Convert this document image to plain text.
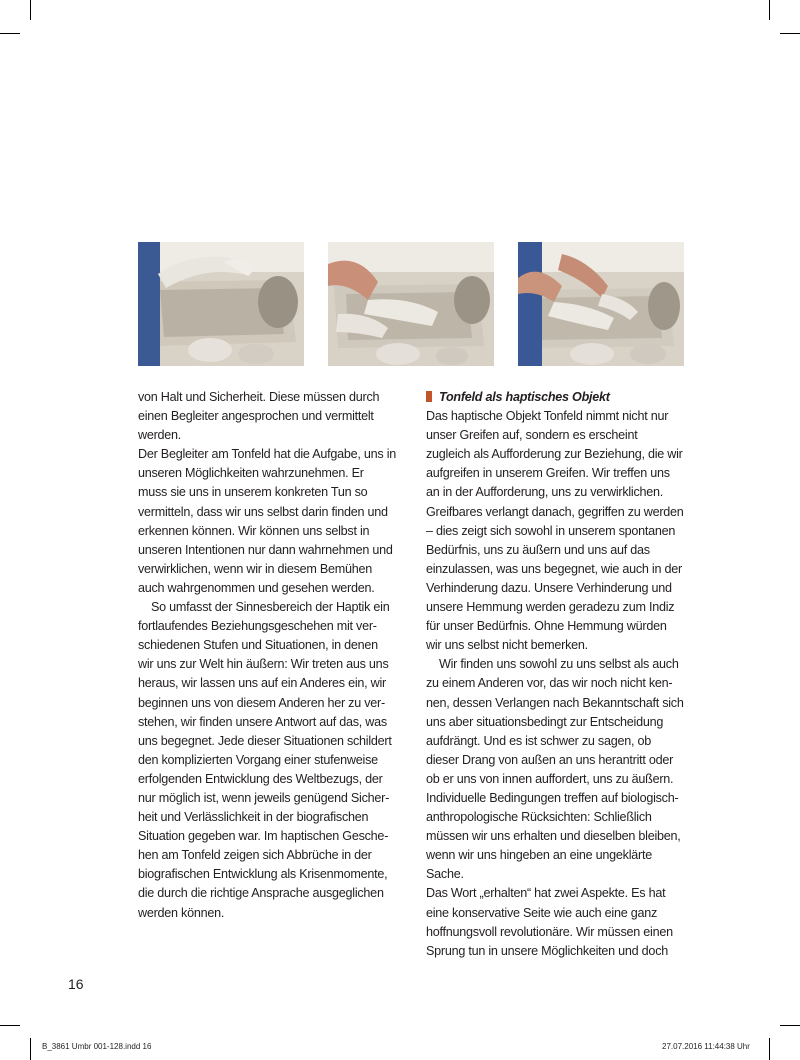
von Halt und Sicherheit. Diese müssen durch einen Begleiter angesprochen und vermittelt werden.

Der Begleiter am Tonfeld hat die Aufgabe, uns in unseren Möglichkeiten wahrzunehmen. Er muss sie uns in unserem konkreten Tun so vermitteln, dass wir uns selbst darin finden und erkennen können. Wir können uns selbst in unseren Intentionen nur dann wahrnehmen und verwirklichen, wenn wir in diesem Bemühen auch wahrgenommen und gesehen werden.

So umfasst der Sinnesbereich der Haptik ein fortlaufendes Beziehungsgeschehen mit verschiedenen Stufen und Situationen, in denen wir uns zur Welt hin äußern: Wir treten aus uns heraus, wir lassen uns auf ein Anderes ein, wir beginnen uns von diesem Anderen her zu verstehen, wir finden unsere Antwort auf das, was uns begegnet. Jede dieser Situationen schildert den komplizierten Vorgang einer stufenweise erfolgenden Entwicklung des Weltbezugs, der nur möglich ist, wenn jeweils genügend Sicherheit und Verlässlichkeit in der biografischen Situation gegeben war. Im haptischen Geschehen am Tonfeld zeigen sich Abbrüche in der biografischen Entwicklung als Krisenmomente, die durch die richtige Ansprache ausgeglichen werden können.

Tonfeld als haptisches Objekt

Das haptische Objekt Tonfeld nimmt nicht nur unser Greifen auf, sondern es erscheint zugleich als Aufforderung zur Beziehung, die wir aufgreifen in unserem Greifen. Wir treffen uns an in der Aufforderung, uns zu verwirklichen. Greifbares verlangt danach, gegriffen zu werden – dies zeigt sich sowohl in unserem spontanen Bedürfnis, uns zu äußern und uns auf das einzulassen, was uns begegnet, wie auch in der Verhinderung dazu. Unsere Verhinderung und unsere Hemmung werden geradezu zum Indiz für unser Bedürfnis. Ohne Hemmung würden wir uns selbst nicht bemerken.

Wir finden uns sowohl zu uns selbst als auch zu einem Anderen vor, das wir noch nicht kennen, dessen Verlangen nach Bekanntschaft sich uns aber situationsbedingt zur Entscheidung aufdrängt. Und es ist schwer zu sagen, ob dieser Drang von außen an uns herantritt oder ob er uns von innen auffordert, uns zu äußern. Individuelle Bedingungen treffen auf biologisch-anthropologische Rücksichten: Schließlich müssen wir uns erhalten und dieselben bleiben, wenn wir uns hingeben an eine ungeklärte Sache.

Das Wort „erhalten“ hat zwei Aspekte. Es hat eine konservative Seite wie auch eine ganz hoffnungsvoll revolutionäre. Wir müssen einen Sprung tun in unsere Möglichkeiten und doch

16
B_3861 Umbr 001-128.indd 16	27.07.2016 11:44:38 Uhr
